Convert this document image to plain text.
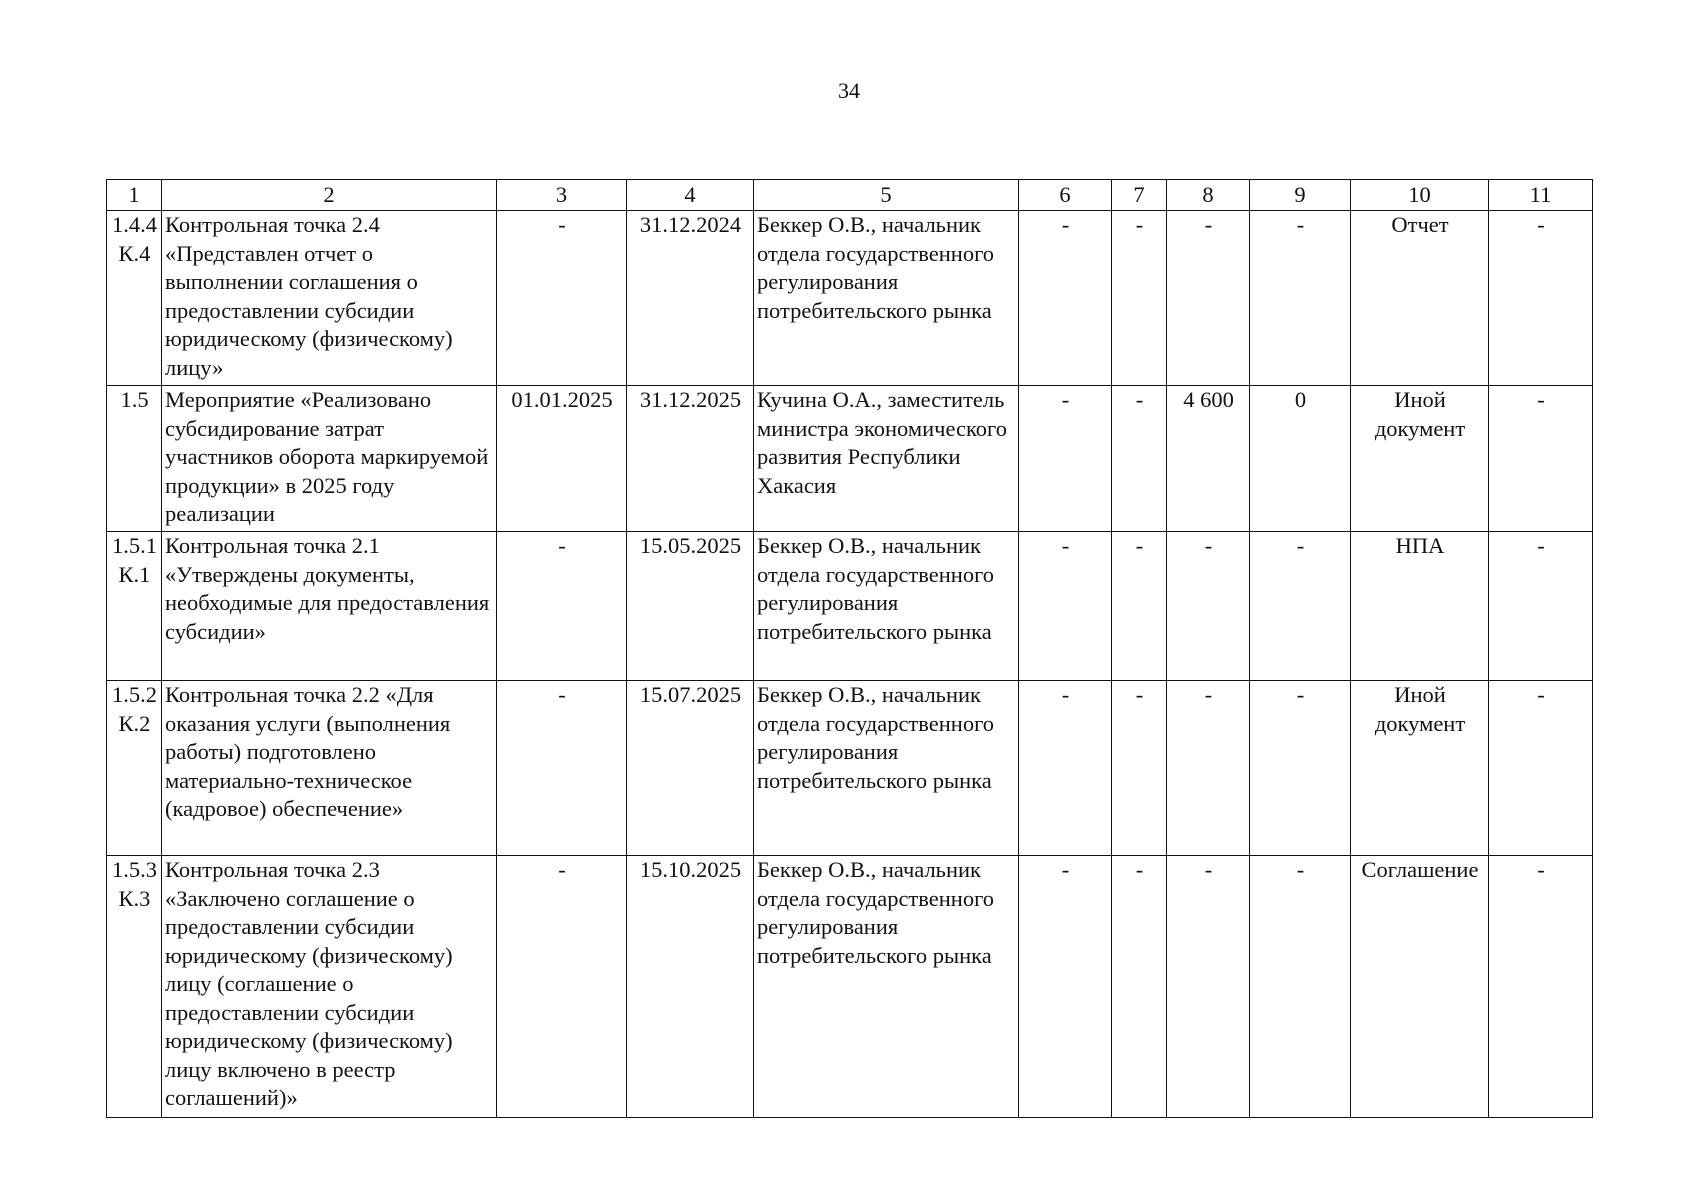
34
1	2	3	4	5	6	7	8	9	10	11
1.4.4
К.4	Контрольная точка 2.4 «Представлен отчет о выполнении соглашения о предоставлении субсидии юридическому (физическому) лицу»	-	31.12.2024	Беккер О.В., начальник отдела государственного регулирования потребительского рынка	-	-	-	-	Отчет	-
1.5	Мероприятие «Реализовано субсидирование затрат участников оборота маркируемой продукции» в 2025 году реализации	01.01.2025	31.12.2025	Кучина О.А., заместитель министра экономического развития Республики Хакасия	-	-	4 600	0	Иной документ	-
1.5.1
К.1	Контрольная точка 2.1 «Утверждены документы, необходимые для предоставления субсидии»	-	15.05.2025	Беккер О.В., начальник отдела государственного регулирования потребительского рынка	-	-	-	-	НПА	-
1.5.2
К.2	Контрольная точка 2.2 «Для оказания услуги (выполнения работы) подготовлено материально-техническое (кадровое) обеспечение»	-	15.07.2025	Беккер О.В., начальник отдела государственного регулирования потребительского рынка	-	-	-	-	Иной документ	-
1.5.3
К.3	Контрольная точка 2.3 «Заключено соглашение о предоставлении субсидии юридическому (физическому) лицу (соглашение о предоставлении субсидии юридическому (физическому) лицу включено в реестр соглашений)»	-	15.10.2025	Беккер О.В., начальник отдела государственного регулирования потребительского рынка	-	-	-	-	Соглашение	-
